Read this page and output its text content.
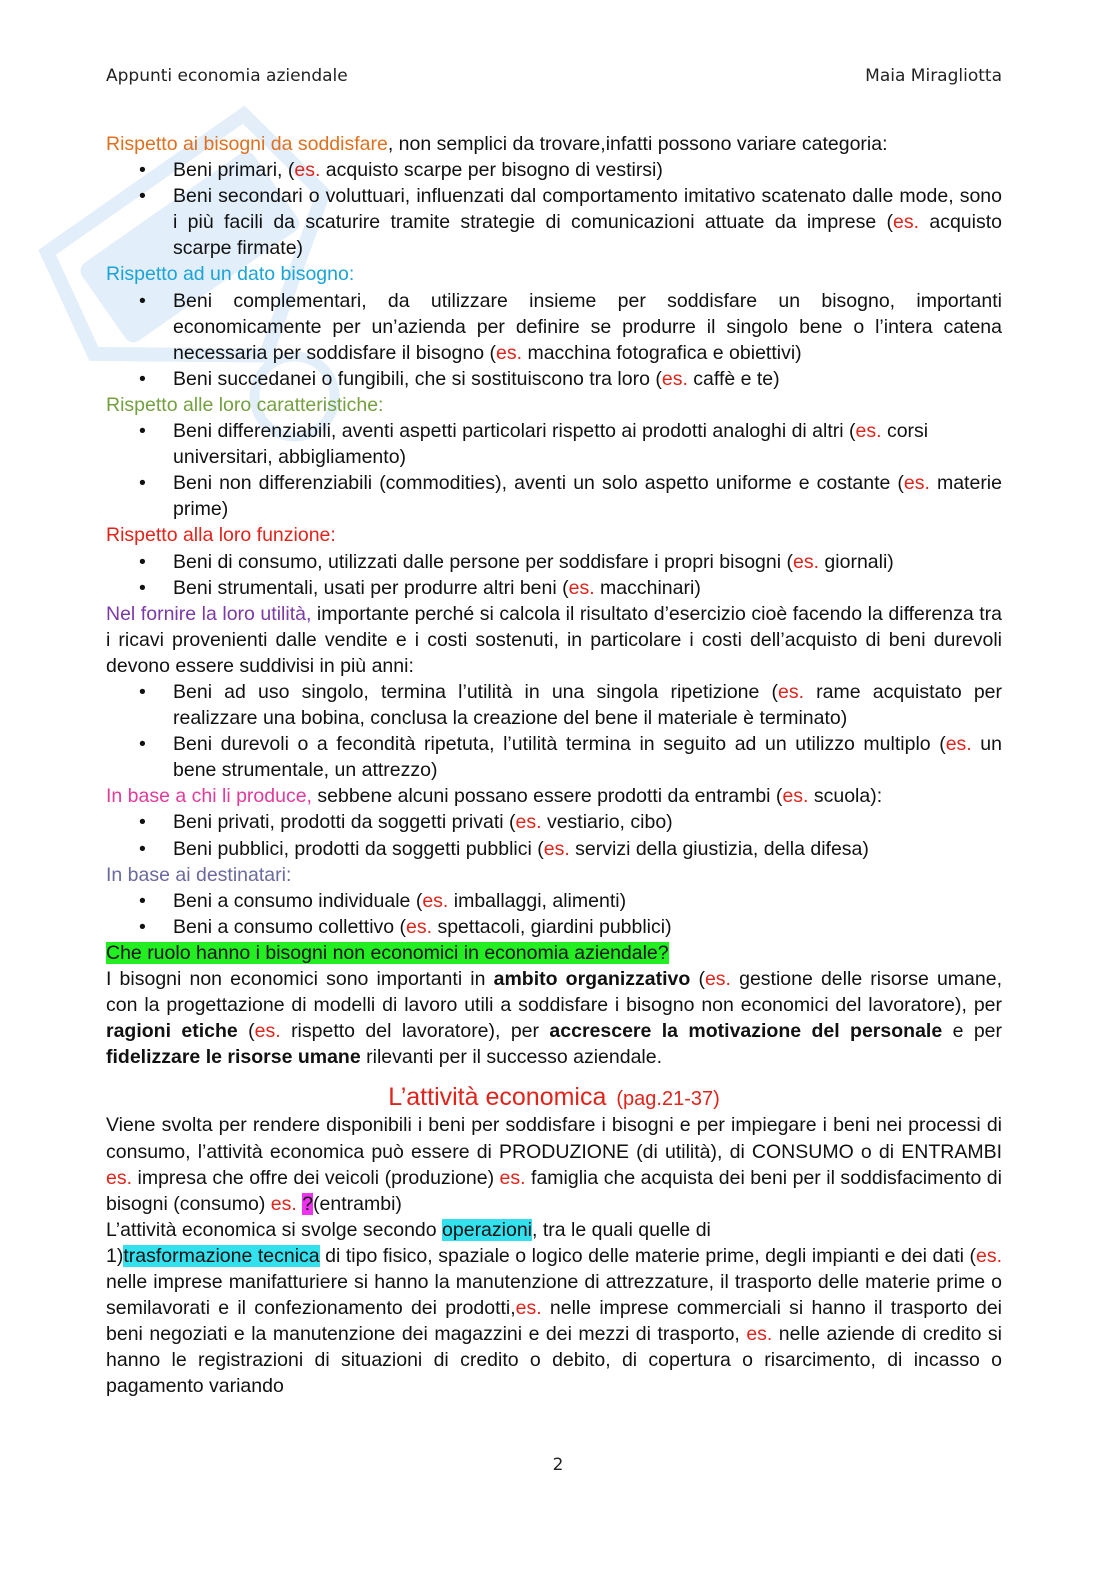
Appunti economia aziendale	Maia Miragliotta

Rispetto ai bisogni da soddisfare, non semplici da trovare,infatti possono variare categoria:

• Beni primari, (es. acquisto scarpe per bisogno di vestirsi)
• Beni secondari o voluttuari, influenzati dal comportamento imitativo scatenato dalle mode, sono i più facili da scaturire tramite strategie di comunicazioni attuate da imprese (es. acquisto scarpe firmate)

Rispetto ad un dato bisogno:

• Beni complementari, da utilizzare insieme per soddisfare un bisogno, importanti economicamente per un’azienda per definire se produrre il singolo bene o l’intera catena necessaria per soddisfare il bisogno (es. macchina fotografica e obiettivi)
• Beni succedanei o fungibili, che si sostituiscono tra loro (es. caffè e te)

Rispetto alle loro caratteristiche:

• Beni differenziabili, aventi aspetti particolari rispetto ai prodotti analoghi di altri (es. corsi universitari, abbigliamento)
• Beni non differenziabili (commodities), aventi un solo aspetto uniforme e costante (es. materie prime)

Rispetto alla loro funzione:

• Beni di consumo, utilizzati dalle persone per soddisfare i propri bisogni (es. giornali)
• Beni strumentali, usati per produrre altri beni (es. macchinari)

Nel fornire la loro utilità, importante perché si calcola il risultato d’esercizio cioè facendo la differenza tra i ricavi provenienti dalle vendite e i costi sostenuti, in particolare i costi dell’acquisto di beni durevoli devono essere suddivisi in più anni:

• Beni ad uso singolo, termina l’utilità in una singola ripetizione (es. rame acquistato per realizzare una bobina, conclusa la creazione del bene il materiale è terminato)
• Beni durevoli o a fecondità ripetuta, l’utilità termina in seguito ad un utilizzo multiplo (es. un bene strumentale, un attrezzo)

In base a chi li produce, sebbene alcuni possano essere prodotti da entrambi (es. scuola):

• Beni privati, prodotti da soggetti privati (es. vestiario, cibo)
• Beni pubblici, prodotti da soggetti pubblici (es. servizi della giustizia, della difesa)

In base ai destinatari:

• Beni a consumo individuale (es. imballaggi, alimenti)
• Beni a consumo collettivo (es. spettacoli, giardini pubblici)

Che ruolo hanno i bisogni non economici in economia aziendale?

I bisogni non economici sono importanti in ambito organizzativo (es. gestione delle risorse umane, con la progettazione di modelli di lavoro utili a soddisfare i bisogno non economici del lavoratore), per ragioni etiche (es. rispetto del lavoratore), per accrescere la motivazione del personale e per fidelizzare le risorse umane rilevanti per il successo aziendale.

L’attività economica (pag.21-37)

Viene svolta per rendere disponibili i beni per soddisfare i bisogni e per impiegare i beni nei processi di consumo, l’attività economica può essere di PRODUZIONE (di utilità), di CONSUMO o di ENTRAMBI es. impresa che offre dei veicoli (produzione) es. famiglia che acquista dei beni per il soddisfacimento di bisogni (consumo) es. ?(entrambi)

L’attività economica si svolge secondo operazioni, tra le quali quelle di

1)trasformazione tecnica di tipo fisico, spaziale o logico delle materie prime, degli impianti e dei dati (es. nelle imprese manifatturiere si hanno la manutenzione di attrezzature, il trasporto delle materie prime o semilavorati e il confezionamento dei prodotti,es. nelle imprese commerciali si hanno il trasporto dei beni negoziati e la manutenzione dei magazzini e dei mezzi di trasporto, es. nelle aziende di credito si hanno le registrazioni di situazioni di credito o debito, di copertura o risarcimento, di incasso o pagamento variando

2
